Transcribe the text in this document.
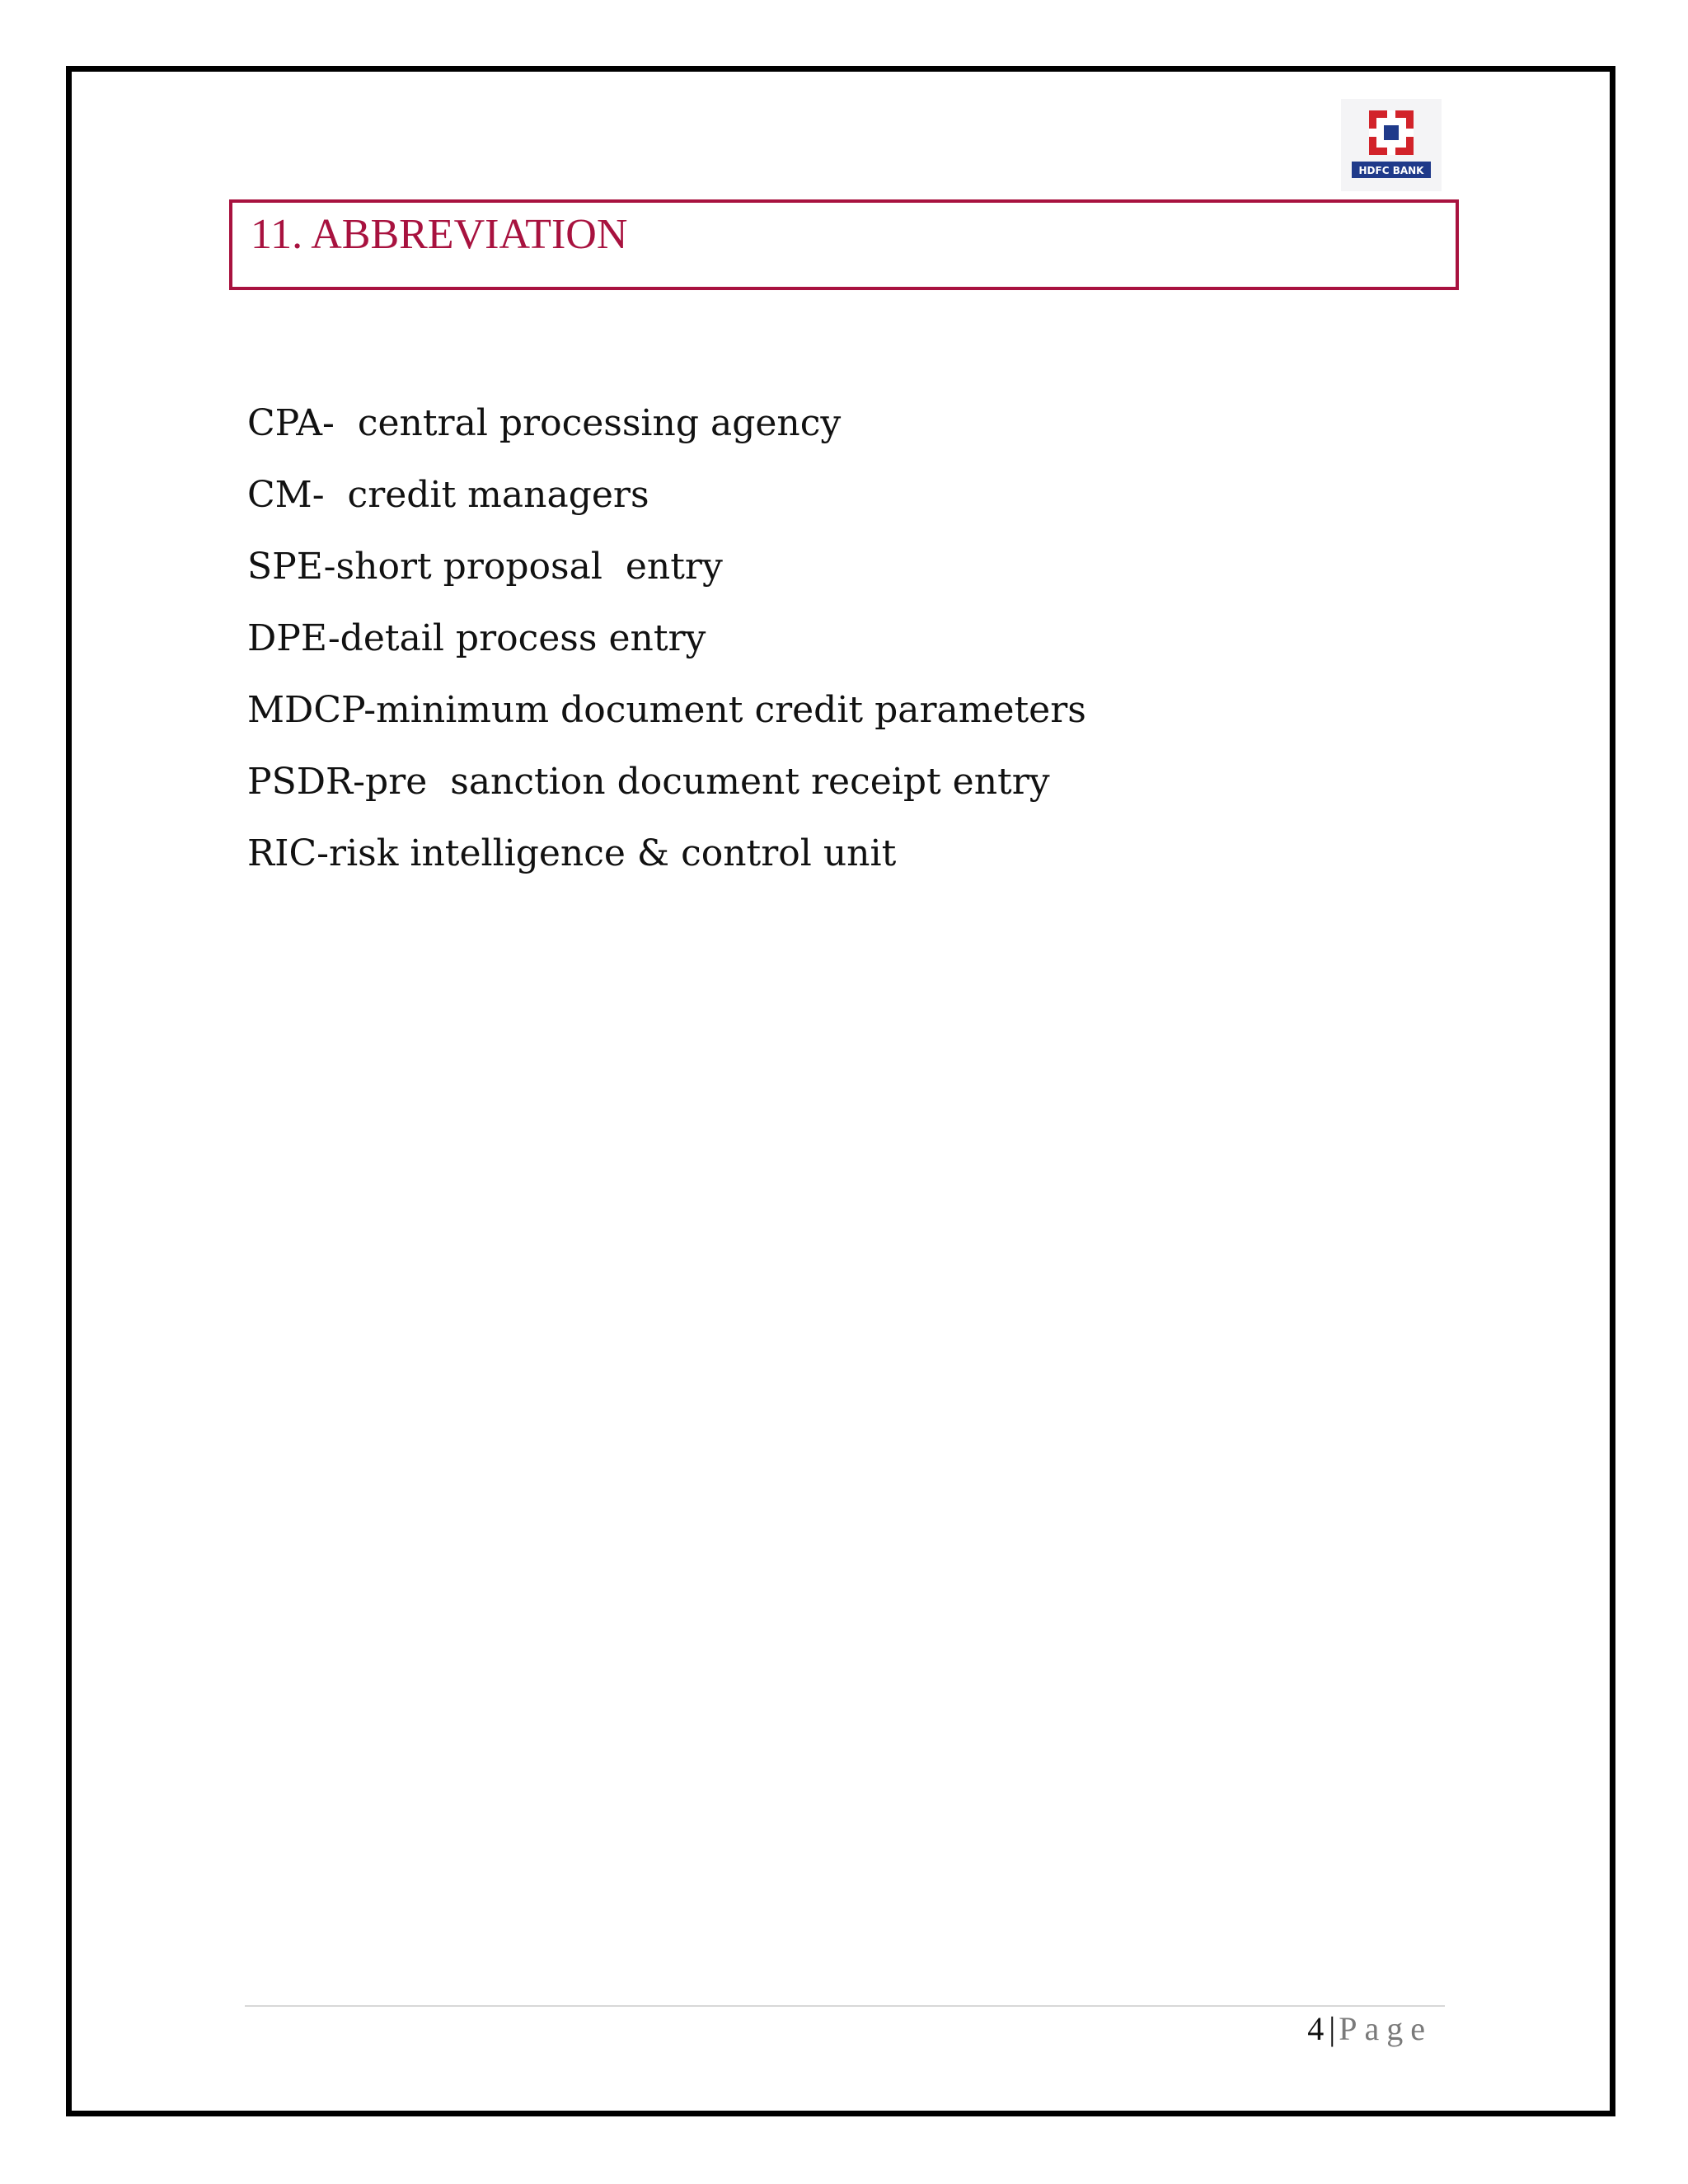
HDFC BANK
11. ABBREVIATION
CPA-  central processing agency
CM-  credit managers
SPE-short proposal  entry
DPE-detail process entry
MDCP-minimum document credit parameters
PSDR-pre  sanction document receipt entry
RIC-risk intelligence & control unit
4 | Page
